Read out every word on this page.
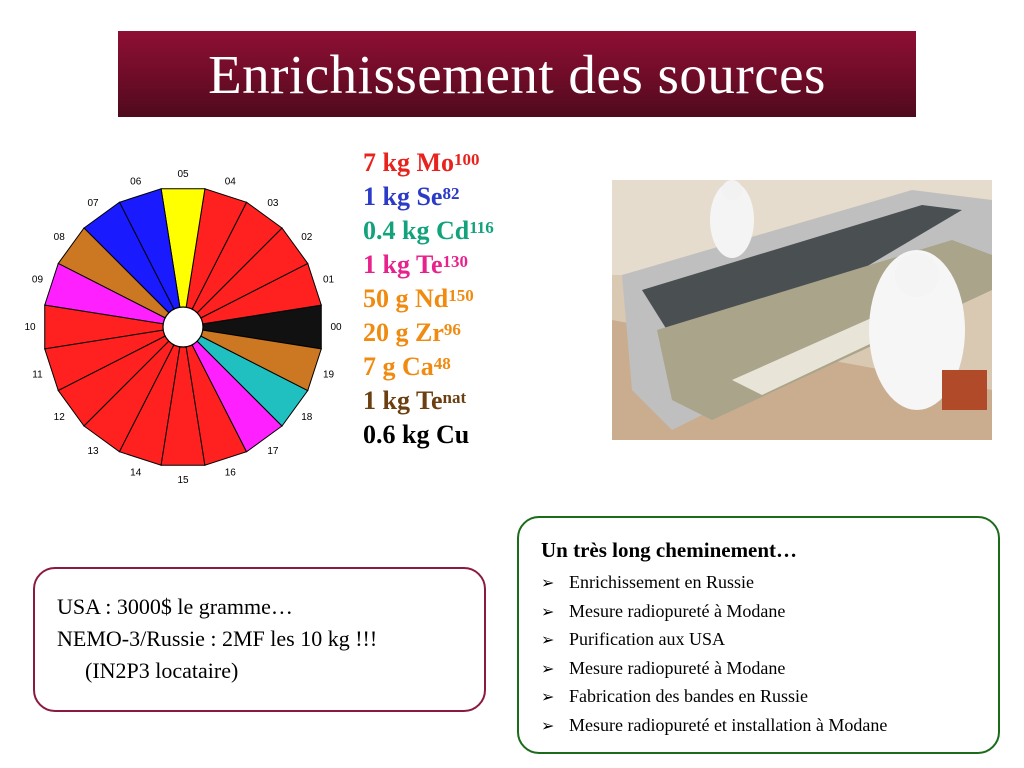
Enrichissement des sources
00
01
02
03
04
05
06
07
08
09
10
11
12
13
14
15
16
17
18
19
7 kg Mo$^{100}$
1 kg Se$^{82}$
0.4 kg Cd$^{116}$
1 kg Te$^{130}$
50 g Nd$^{150}$
20 g Zr$^{96}$
7 g Ca$^{48}$
1 kg $Te^{nat}$
0.6 kg Cu
USA : 3000$ le gramme…
NEMO-3/Russie : 2MF les 10 kg !!!
(IN2P3 locataire)
Un très long cheminement…
➢ Enrichissement en Russie
➢ Mesure radiopureté à Modane
➢ Purification aux USA
➢ Mesure radiopureté à Modane
➢ Fabrication des bandes en Russie
➢ Mesure radiopureté et installation à Modane
